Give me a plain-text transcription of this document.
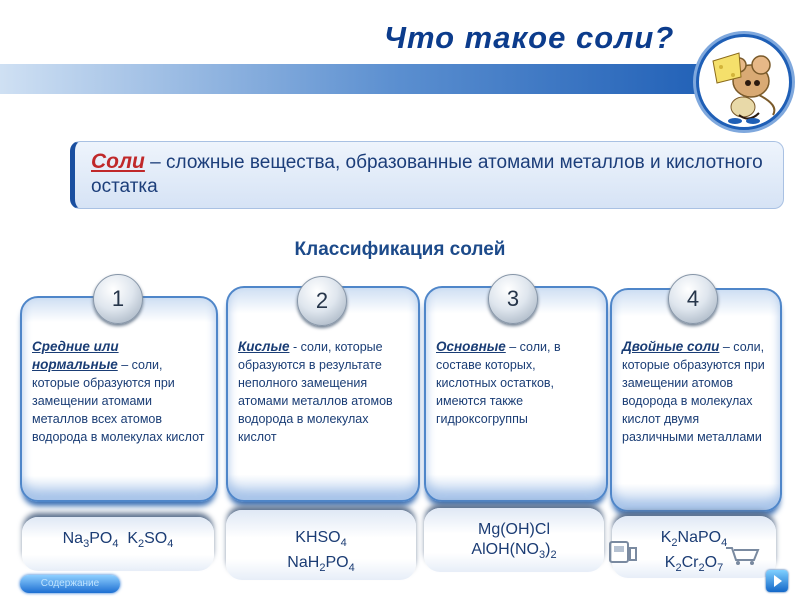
Что такое соли?
Соли – сложные вещества, образованные атомами металлов и кислотного остатка
Классификация солей
Средние или нормальные – соли, которые образуются при замещении атомами металлов всех атомов водорода в молекулах кислот
1
$Na_3PO_4$ $K_2SO_4$
Кислые - соли, которые образуются в результате неполного замещения атомами металлов атомов водорода в молекулах кислот
2
$KHSO_4$
$NaH_2PO_4$
Основные – соли, в составе которых, кислотных остатков, имеются также гидроксогруппы
3
Mg(OH)Cl
$AlOH(NO_3)_2$
Двойные соли – соли, которые образуются при замещении атомов водорода в молекулах кислот двумя различными металлами
4
$K_2NaPO_4$
$K_2Cr_2O_7$
Содержание
